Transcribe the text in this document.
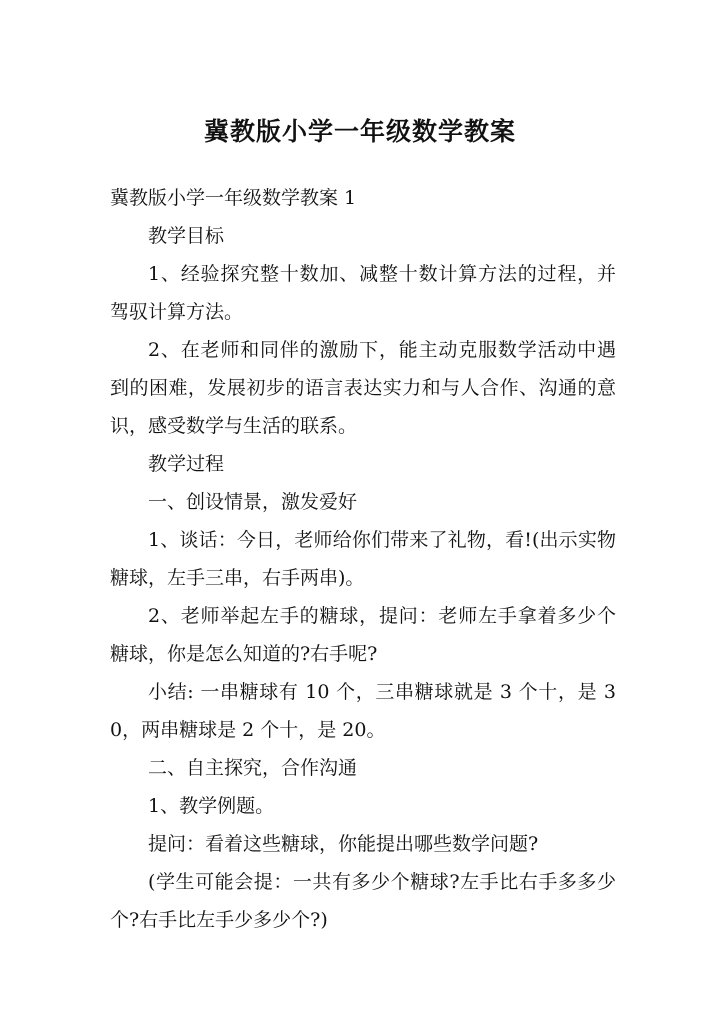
冀教版小学一年级数学教案

冀教版小学一年级数学教案 1

教学目标

1、经验探究整十数加、减整十数计算方法的过程，并驾驭计算方法。

2、在老师和同伴的激励下，能主动克服数学活动中遇到的困难，发展初步的语言表达实力和与人合作、沟通的意识，感受数学与生活的联系。

教学过程

一、创设情景，激发爱好

1、谈话：今日，老师给你们带来了礼物，看!(出示实物糖球，左手三串，右手两串)。

2、老师举起左手的糖球，提问：老师左手拿着多少个糖球，你是怎么知道的?右手呢?

小结: 一串糖球有 10 个，三串糖球就是 3 个十，是 30，两串糖球是 2 个十，是 20。

二、自主探究，合作沟通

1、教学例题。

提问：看着这些糖球，你能提出哪些数学问题?

(学生可能会提：一共有多少个糖球?左手比右手多多少个?右手比左手少多少个?)
